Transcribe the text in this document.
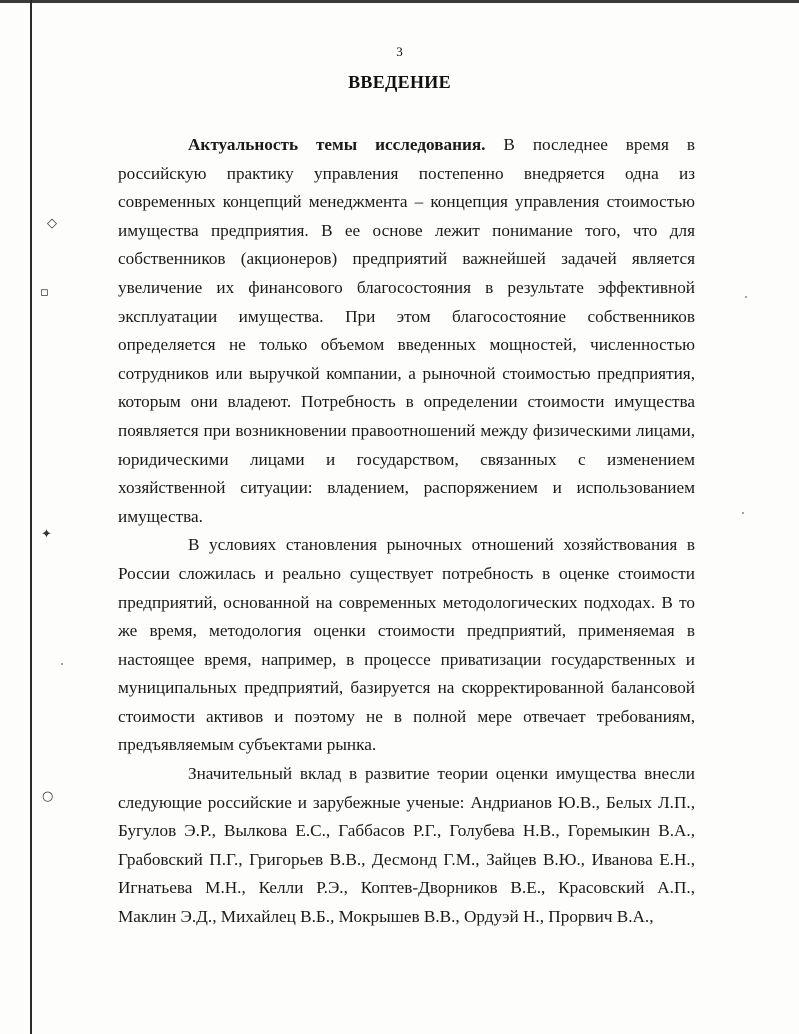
3
ВВЕДЕНИЕ

Актуальность темы исследования. В последнее время в российскую практику управления постепенно внедряется одна из современных концепций менеджмента – концепция управления стоимостью имущества предприятия. В ее основе лежит понимание того, что для собственников (акционеров) предприятий важнейшей задачей является увеличение их финансового благосостояния в результате эффективной эксплуатации имущества. При этом благосостояние собственников определяется не только объемом введенных мощностей, численностью сотрудников или выручкой компании, а рыночной стоимостью предприятия, которым они владеют. Потребность в определении стоимости имущества появляется при возникновении правоотношений между физическими лицами, юридическими лицами и государством, связанных с изменением хозяйственной ситуации: владением, распоряжением и использованием имущества.

В условиях становления рыночных отношений хозяйствования в России сложилась и реально существует потребность в оценке стоимости предприятий, основанной на современных методологических подходах. В то же время, методология оценки стоимости предприятий, применяемая в настоящее время, например, в процессе приватизации государственных и муниципальных предприятий, базируется на скорректированной балансовой стоимости активов и поэтому не в полной мере отвечает требованиям, предъявляемым субъектами рынка.

Значительный вклад в развитие теории оценки имущества внесли следующие российские и зарубежные ученые: Андрианов Ю.В., Белых Л.П., Бугулов Э.Р., Вылкова Е.С., Габбасов Р.Г., Голубева Н.В., Горемыкин В.А., Грабовский П.Г., Григорьев В.В., Десмонд Г.М., Зайцев В.Ю., Иванова Е.Н., Игнатьева М.Н., Келли Р.Э., Коптев-Дворников В.Е., Красовский А.П., Маклин Э.Д., Михайлец В.Б., Мокрышев В.В., Ордуэй Н., Прорвич В.А.,

◇
▫
✦
○
